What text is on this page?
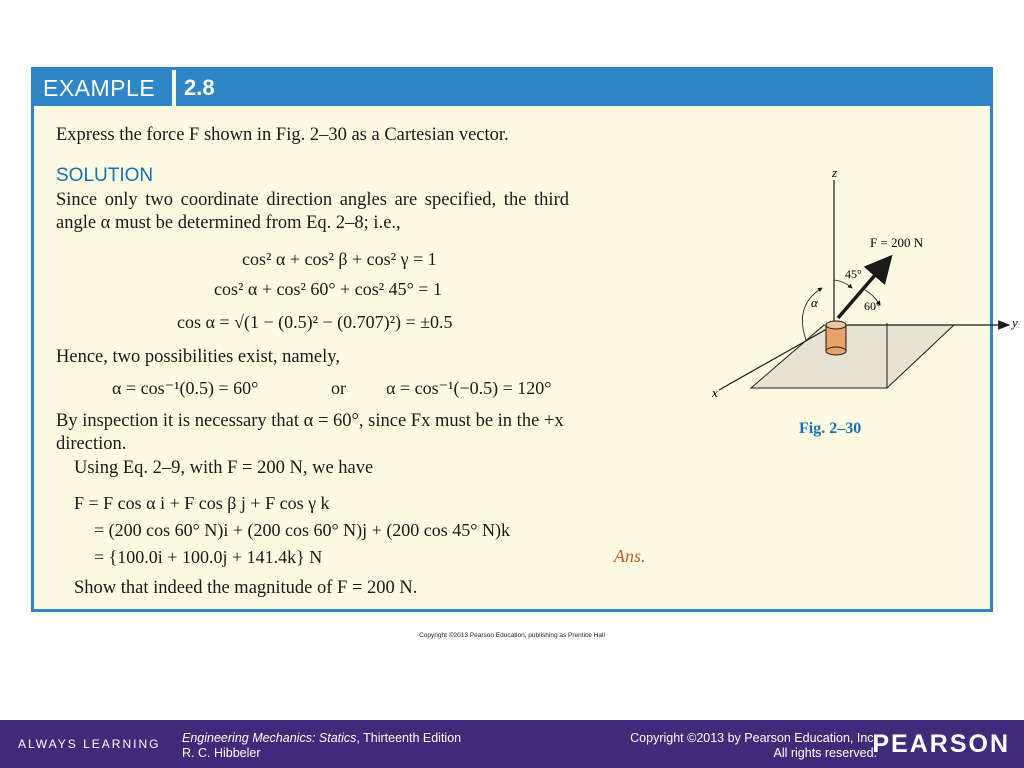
EXAMPLE 2.8
Express the force F shown in Fig. 2–30 as a Cartesian vector.
SOLUTION
Since only two coordinate direction angles are specified, the third
angle α must be determined from Eq. 2–8; i.e.,
cos² α + cos² β + cos² γ = 1
cos² α + cos² 60° + cos² 45° = 1
cos α = √(1 − (0.5)² − (0.707)²) = ±0.5
Hence, two possibilities exist, namely,
α = cos⁻¹(0.5) = 60°	or α = cos⁻¹(−0.5) = 120°
By inspection it is necessary that α = 60°, since Fx must be in the +x
direction.
Using Eq. 2–9, with F = 200 N, we have
F = F cos α i + F cos β j + F cos γ k
= (200 cos 60° N)i + (200 cos 60° N)j + (200 cos 45° N)k
= {100.0i + 100.0j + 141.4k} N	Ans.
Show that indeed the magnitude of F = 200 N.
z
y
x
F = 200 N
45°
60°
α
Fig. 2–30
Copyright ©2013 Pearson Education, publishing as Prentice Hall
ALWAYS LEARNING Engineering Mechanics: Statics, Thirteenth Edition
R. C. Hibbeler
Copyright ©2013 by Pearson Education, Inc.
All rights reserved.
PEARSON
